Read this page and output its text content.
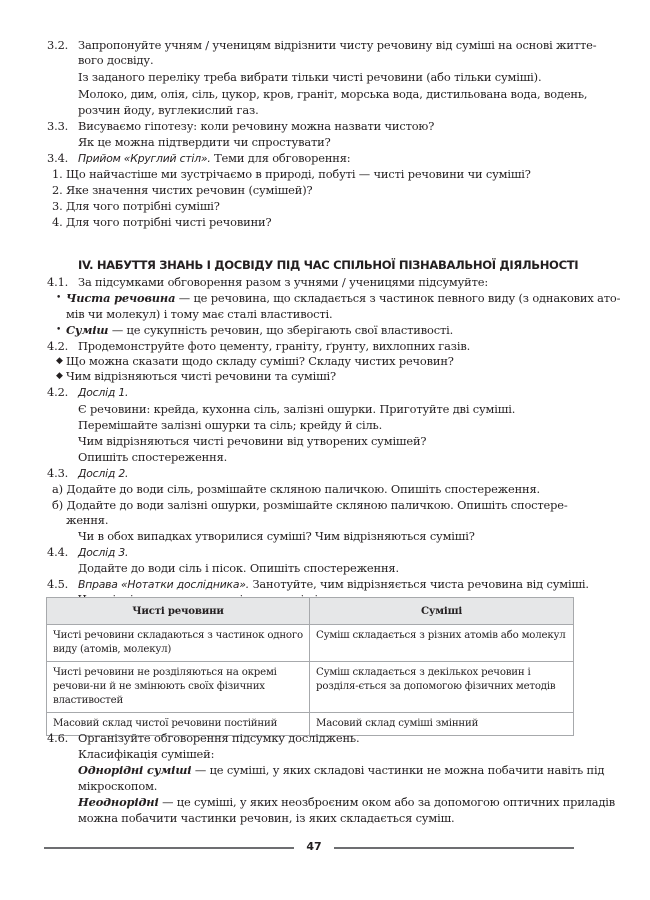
3.2. Запропонуйте учням / ученицям відрізнити чисту речовину від суміші на основі житте-
вого досвіду.
Із заданого переліку треба вибрати тільки чисті речовини (або тільки суміші).
Молоко, дим, олія, сіль, цукор, кров, граніт, морська вода, дистильована вода, водень,
розчин йоду, вуглекислий газ.
3.3. Висуваємо гіпотезу: коли речовину можна назвати чистою?
Як це можна підтвердити чи спростувати?
3.4. Прийом «Круглий стіл». Теми для обговорення:
1. Що найчастіше ми зустрічаємо в природі, побуті — чисті речовини чи суміші?
2. Яке значення чистих речовин (сумішей)?
3. Для чого потрібні суміші?
4. Для чого потрібні чисті речовини?
IV. НАБУТТЯ ЗНАНЬ І ДОСВІДУ ПІД ЧАС СПІЛЬНОЇ ПІЗНАВАЛЬНОЇ ДІЯЛЬНОСТІ
4.1. За підсумками обговорення разом з учнями / ученицями підсумуйте:
• Чиста речовина — це речовина, що складається з частинок певного виду (з однакових ато-
мів чи молекул) і тому має сталі властивості.
• Суміш — це сукупність речовин, що зберігають свої властивості.
4.2. Продемонструйте фото цементу, граніту, ґрунту, вихлопних газів.
◆ Що можна сказати щодо складу суміші? Складу чистих речовин?
◆ Чим відрізняються чисті речовини та суміші?
4.2. Дослід 1.
Є речовини: крейда, кухонна сіль, залізні ошурки. Приготуйте дві суміші.
Перемішайте залізні ошурки та сіль; крейду й сіль.
Чим відрізняються чисті речовини від утворених сумішей?
Опишіть спостереження.
4.3. Дослід 2.
а) Додайте до води сіль, розмішайте скляною паличкою. Опишіть спостереження.
б) Додайте до води залізні ошурки, розмішайте скляною паличкою. Опишіть спостере-
ження.
Чи в обох випадках утворилися суміші? Чим відрізняються суміші?
4.4. Дослід 3.
Додайте до води сіль і пісок. Опишіть спостереження.
4.5. Вправа «Нотатки дослідника». Занотуйте, чим відрізняється чиста речовина від суміші.
Чисті речовини	Суміші
Чисті речовини складаються з частинок одного виду (атомів, молекул)	Суміш складається з різних атомів або молекул
Чисті речовини не розділяються на окремі речови-ни й не змінюють своїх фізичних властивостей	Суміш складається з декількох речовин і розділя-ється за допомогою фізичних методів
Масовий склад чистої речовини постійний	Масовий склад суміші змінний
4.6. Організуйте обговорення підсумку досліджень.
Класифікація сумішей:
Однорідні суміші — це суміші, у яких складові частинки не можна побачити навіть під
мікроскопом.
Неоднорідні — це суміші, у яких неозброєним оком або за допомогою оптичних приладів
можна побачити частинки речовин, із яких складається суміш.
47
